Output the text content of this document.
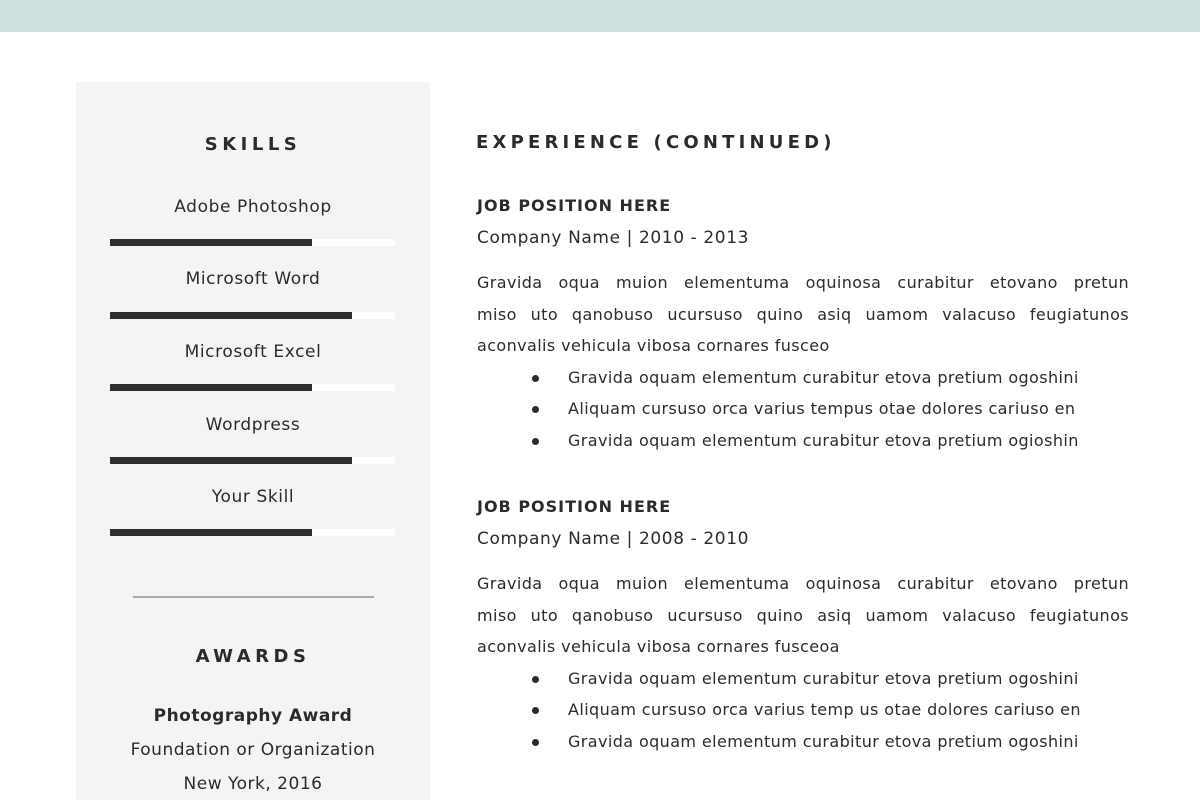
SKILLS
Adobe Photoshop
Microsoft Word
Microsoft Excel
Wordpress
Your Skill
AWARDS
Photography Award
Foundation or Organization
New York, 2016
EXPERIENCE (CONTINUED)
JOB POSITION HERE
Company Name | 2010 - 2013
Gravida oqua muion elementuma oquinosa curabitur etovano pretun
miso uto qanobuso ucursuso quino asiq uamom valacuso feugiatunos
aconvalis vehicula vibosa cornares fusceo
Gravida oquam elementum curabitur etova pretium ogoshini
Aliquam cursuso orca varius tempus otae dolores cariuso en
Gravida oquam elementum curabitur etova pretium ogioshin
JOB POSITION HERE
Company Name | 2008 - 2010
Gravida oqua muion elementuma oquinosa curabitur etovano pretun
miso uto qanobuso ucursuso quino asiq uamom valacuso feugiatunos
aconvalis vehicula vibosa cornares fusceoa
Gravida oquam elementum curabitur etova pretium ogoshini
Aliquam cursuso orca varius temp us otae dolores cariuso en
Gravida oquam elementum curabitur etova pretium ogoshini
